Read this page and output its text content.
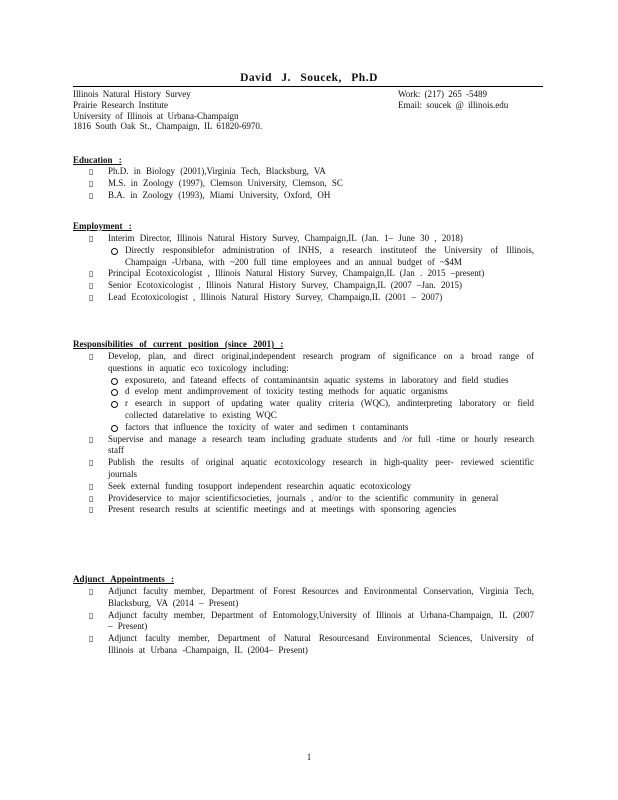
David J. Soucek, Ph.D
Illinois Natural History Survey
Prairie Research Institute
University of Illinois at Urbana-Champaign
1816 South Oak St., Champaign, IL 61820-6970.
Work: (217) 265 -5489
Email: soucek @ illinois.edu
Education :
▯ Ph.D. in Biology (2001),Virginia Tech, Blacksburg, VA
▯ M.S. in Zoology (1997), Clemson University, Clemson, SC
▯ B.A. in Zoology (1993), Miami University, Oxford, OH
Employment :
▯ Interim Director, Illinois Natural History Survey, Champaign,IL (Jan. 1– June 30 , 2018)
Directly responsiblefor administration of INHS, a research instituteof the University of Illinois, Champaign -Urbana, with ~200 full time employees and an annual budget of ~$4M
▯ Principal Ecotoxicologist , Illinois Natural History Survey, Champaign,IL (Jan . 2015 –present)
▯ Senior Ecotoxicologist , Illinois Natural History Survey, Champaign,IL (2007 –Jan. 2015)
▯ Lead Ecotoxicologist , Illinois Natural History Survey, Champaign,IL (2001 – 2007)
Responsibilities of current position (since 2001) :
▯ Develop, plan, and direct original,independent research program of significance on a broad range of questions in aquatic eco toxicology including:
exposureto, and fateand effects of contaminantsin aquatic systems in laboratory and field studies
d evelop ment andimprovement of toxicity testing methods for aquatic organisms
r esearch in support of updating water quality criteria (WQC), andinterpreting laboratory or field collected datarelative to existing WQC
factors that influence the toxicity of water and sedimen t contaminants
▯ Supervise and manage a research team including graduate students and /or full -time or hourly research staff
▯ Publish the results of original aquatic ecotoxicology research in high-quality peer- reviewed scientific journals
▯ Seek external funding tosupport independent researchin aquatic ecotoxicology
▯ Provideservice to major scientificsocieties, journals , and/or to the scientific community in general
▯ Present research results at scientific meetings and at meetings with sponsoring agencies
Adjunct Appointments :
▯ Adjunct faculty member, Department of Forest Resources and Environmental Conservation, Virginia Tech, Blacksburg, VA (2014 – Present)
▯ Adjunct faculty member, Department of Entomology,University of Illinois at Urbana-Champaign, IL (2007 – Present)
▯ Adjunct faculty member, Department of Natural Resourcesand Environmental Sciences, University of Illinois at Urbana -Champaign, IL (2004– Present)
1
